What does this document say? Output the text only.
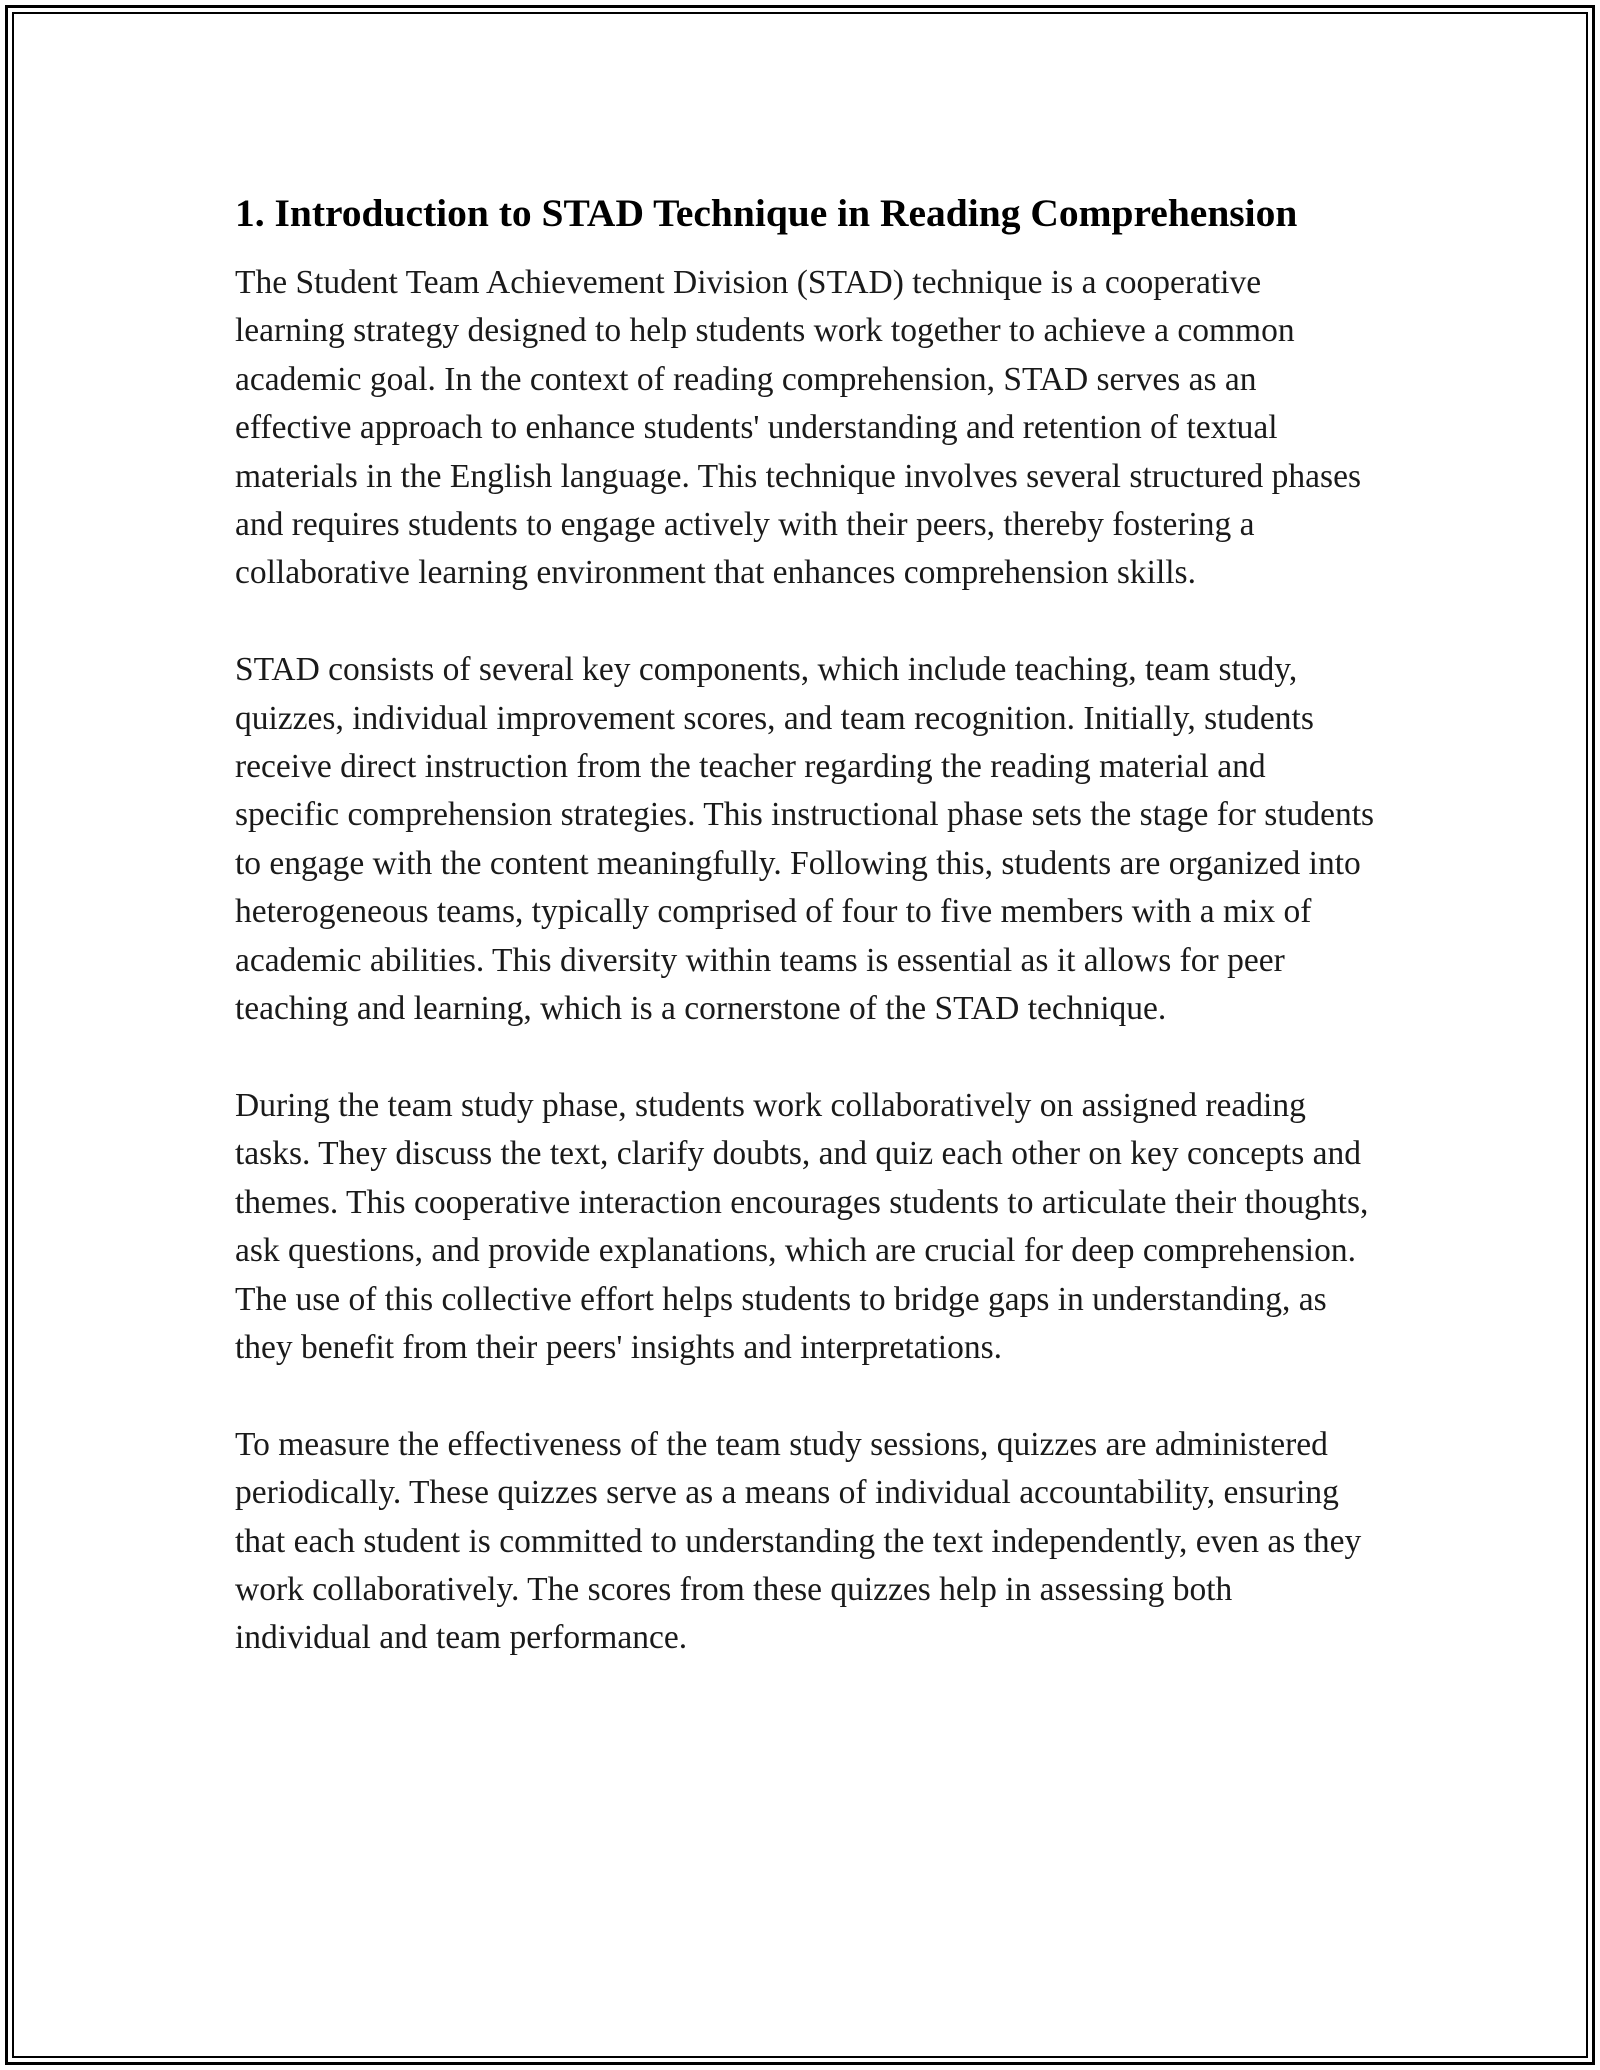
1. Introduction to STAD Technique in Reading Comprehension

The Student Team Achievement Division (STAD) technique is a cooperative learning strategy designed to help students work together to achieve a common academic goal. In the context of reading comprehension, STAD serves as an effective approach to enhance students' understanding and retention of textual materials in the English language. This technique involves several structured phases and requires students to engage actively with their peers, thereby fostering a collaborative learning environment that enhances comprehension skills.

STAD consists of several key components, which include teaching, team study, quizzes, individual improvement scores, and team recognition. Initially, students receive direct instruction from the teacher regarding the reading material and specific comprehension strategies. This instructional phase sets the stage for students to engage with the content meaningfully. Following this, students are organized into heterogeneous teams, typically comprised of four to five members with a mix of academic abilities. This diversity within teams is essential as it allows for peer teaching and learning, which is a cornerstone of the STAD technique.

During the team study phase, students work collaboratively on assigned reading tasks. They discuss the text, clarify doubts, and quiz each other on key concepts and themes. This cooperative interaction encourages students to articulate their thoughts, ask questions, and provide explanations, which are crucial for deep comprehension. The use of this collective effort helps students to bridge gaps in understanding, as they benefit from their peers' insights and interpretations.

To measure the effectiveness of the team study sessions, quizzes are administered periodically. These quizzes serve as a means of individual accountability, ensuring that each student is committed to understanding the text independently, even as they work collaboratively. The scores from these quizzes help in assessing both individual and team performance.
